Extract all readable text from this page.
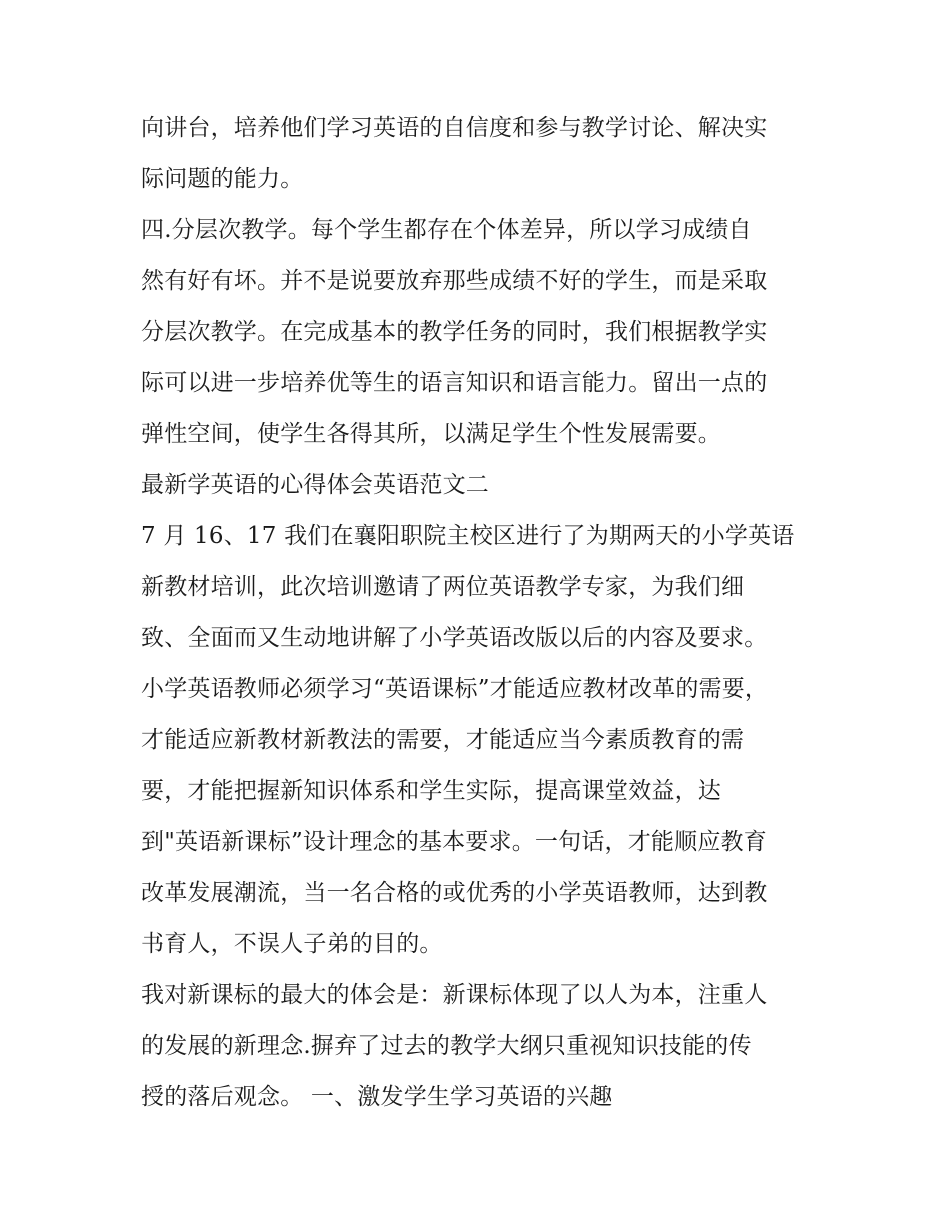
向讲台，培养他们学习英语的自信度和参与教学讨论、解决实
际问题的能力。
四.分层次教学。每个学生都存在个体差异，所以学习成绩自
然有好有坏。并不是说要放弃那些成绩不好的学生，而是采取
分层次教学。在完成基本的教学任务的同时，我们根据教学实
际可以进一步培养优等生的语言知识和语言能力。留出一点的
弹性空间，使学生各得其所，以满足学生个性发展需要。
最新学英语的心得体会英语范文二
7 月 16、17 我们在襄阳职院主校区进行了为期两天的小学英语
新教材培训，此次培训邀请了两位英语教学专家，为我们细
致、全面而又生动地讲解了小学英语改版以后的内容及要求。
小学英语教师必须学习“英语课标”才能适应教材改革的需要，
才能适应新教材新教法的需要，才能适应当今素质教育的需
要，才能把握新知识体系和学生实际，提高课堂效益，达
到"英语新课标”设计理念的基本要求。一句话，才能顺应教育
改革发展潮流，当一名合格的或优秀的小学英语教师，达到教
书育人，不误人子弟的目的。
我对新课标的最大的体会是：新课标体现了以人为本，注重人
的发展的新理念.摒弃了过去的教学大纲只重视知识技能的传
授的落后观念。 一、激发学生学习英语的兴趣
